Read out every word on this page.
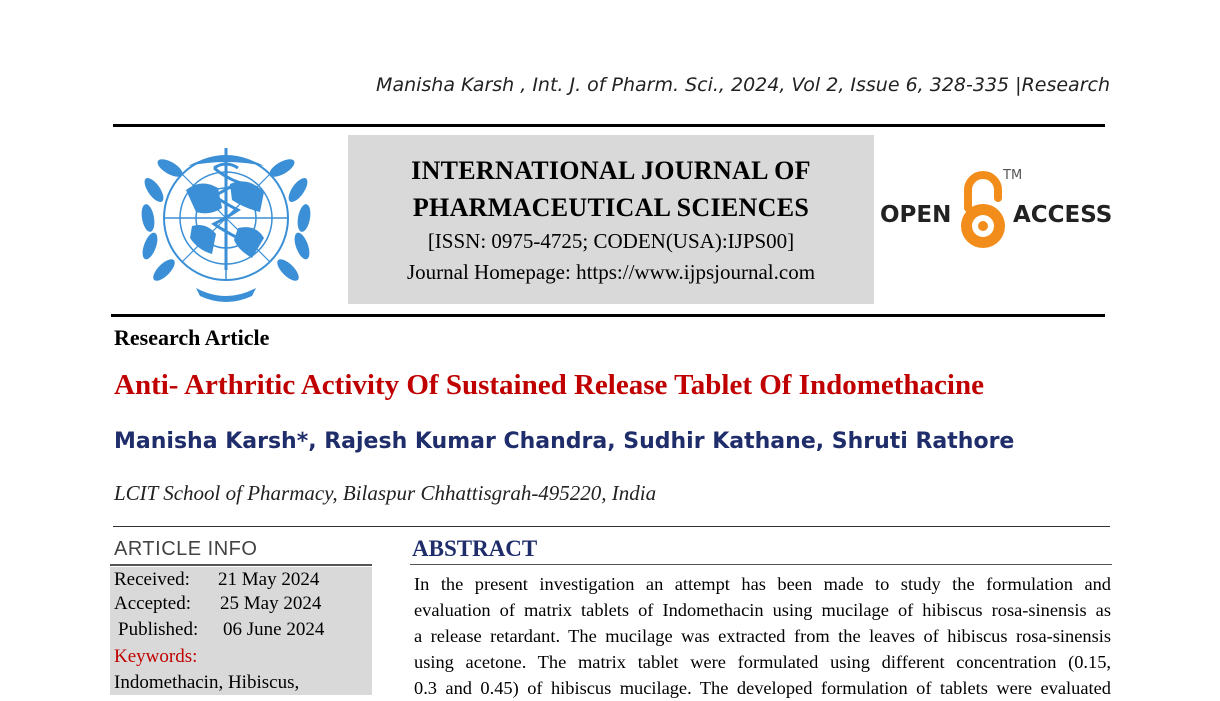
Manisha Karsh , Int. J. of Pharm. Sci., 2024, Vol 2, Issue 6, 328-335 |Research
INTERNATIONAL JOURNAL OF
PHARMACEUTICAL SCIENCES
[ISSN: 0975-4725; CODEN(USA):IJPS00]
Journal Homepage: https://www.ijpsjournal.com
OPEN
TM
ACCESS
Research Article
Anti- Arthritic Activity Of Sustained Release Tablet Of Indomethacine
Manisha Karsh*, Rajesh Kumar Chandra, Sudhir Kathane, Shruti Rathore
LCIT School of Pharmacy, Bilaspur Chhattisgrah-495220, India
ARTICLE INFO
Received: 21 May 2024
Accepted: 25 May 2024
Published: 06 June 2024
Keywords:
Indomethacin, Hibiscus,
ABSTRACT
In the present investigation an attempt has been made to study the formulation and
evaluation of matrix tablets of Indomethacin using mucilage of hibiscus rosa-sinensis as
a release retardant. The mucilage was extracted from the leaves of hibiscus rosa-sinensis
using acetone. The matrix tablet were formulated using different concentration (0.15,
0.3 and 0.45) of hibiscus mucilage. The developed formulation of tablets were evaluated
